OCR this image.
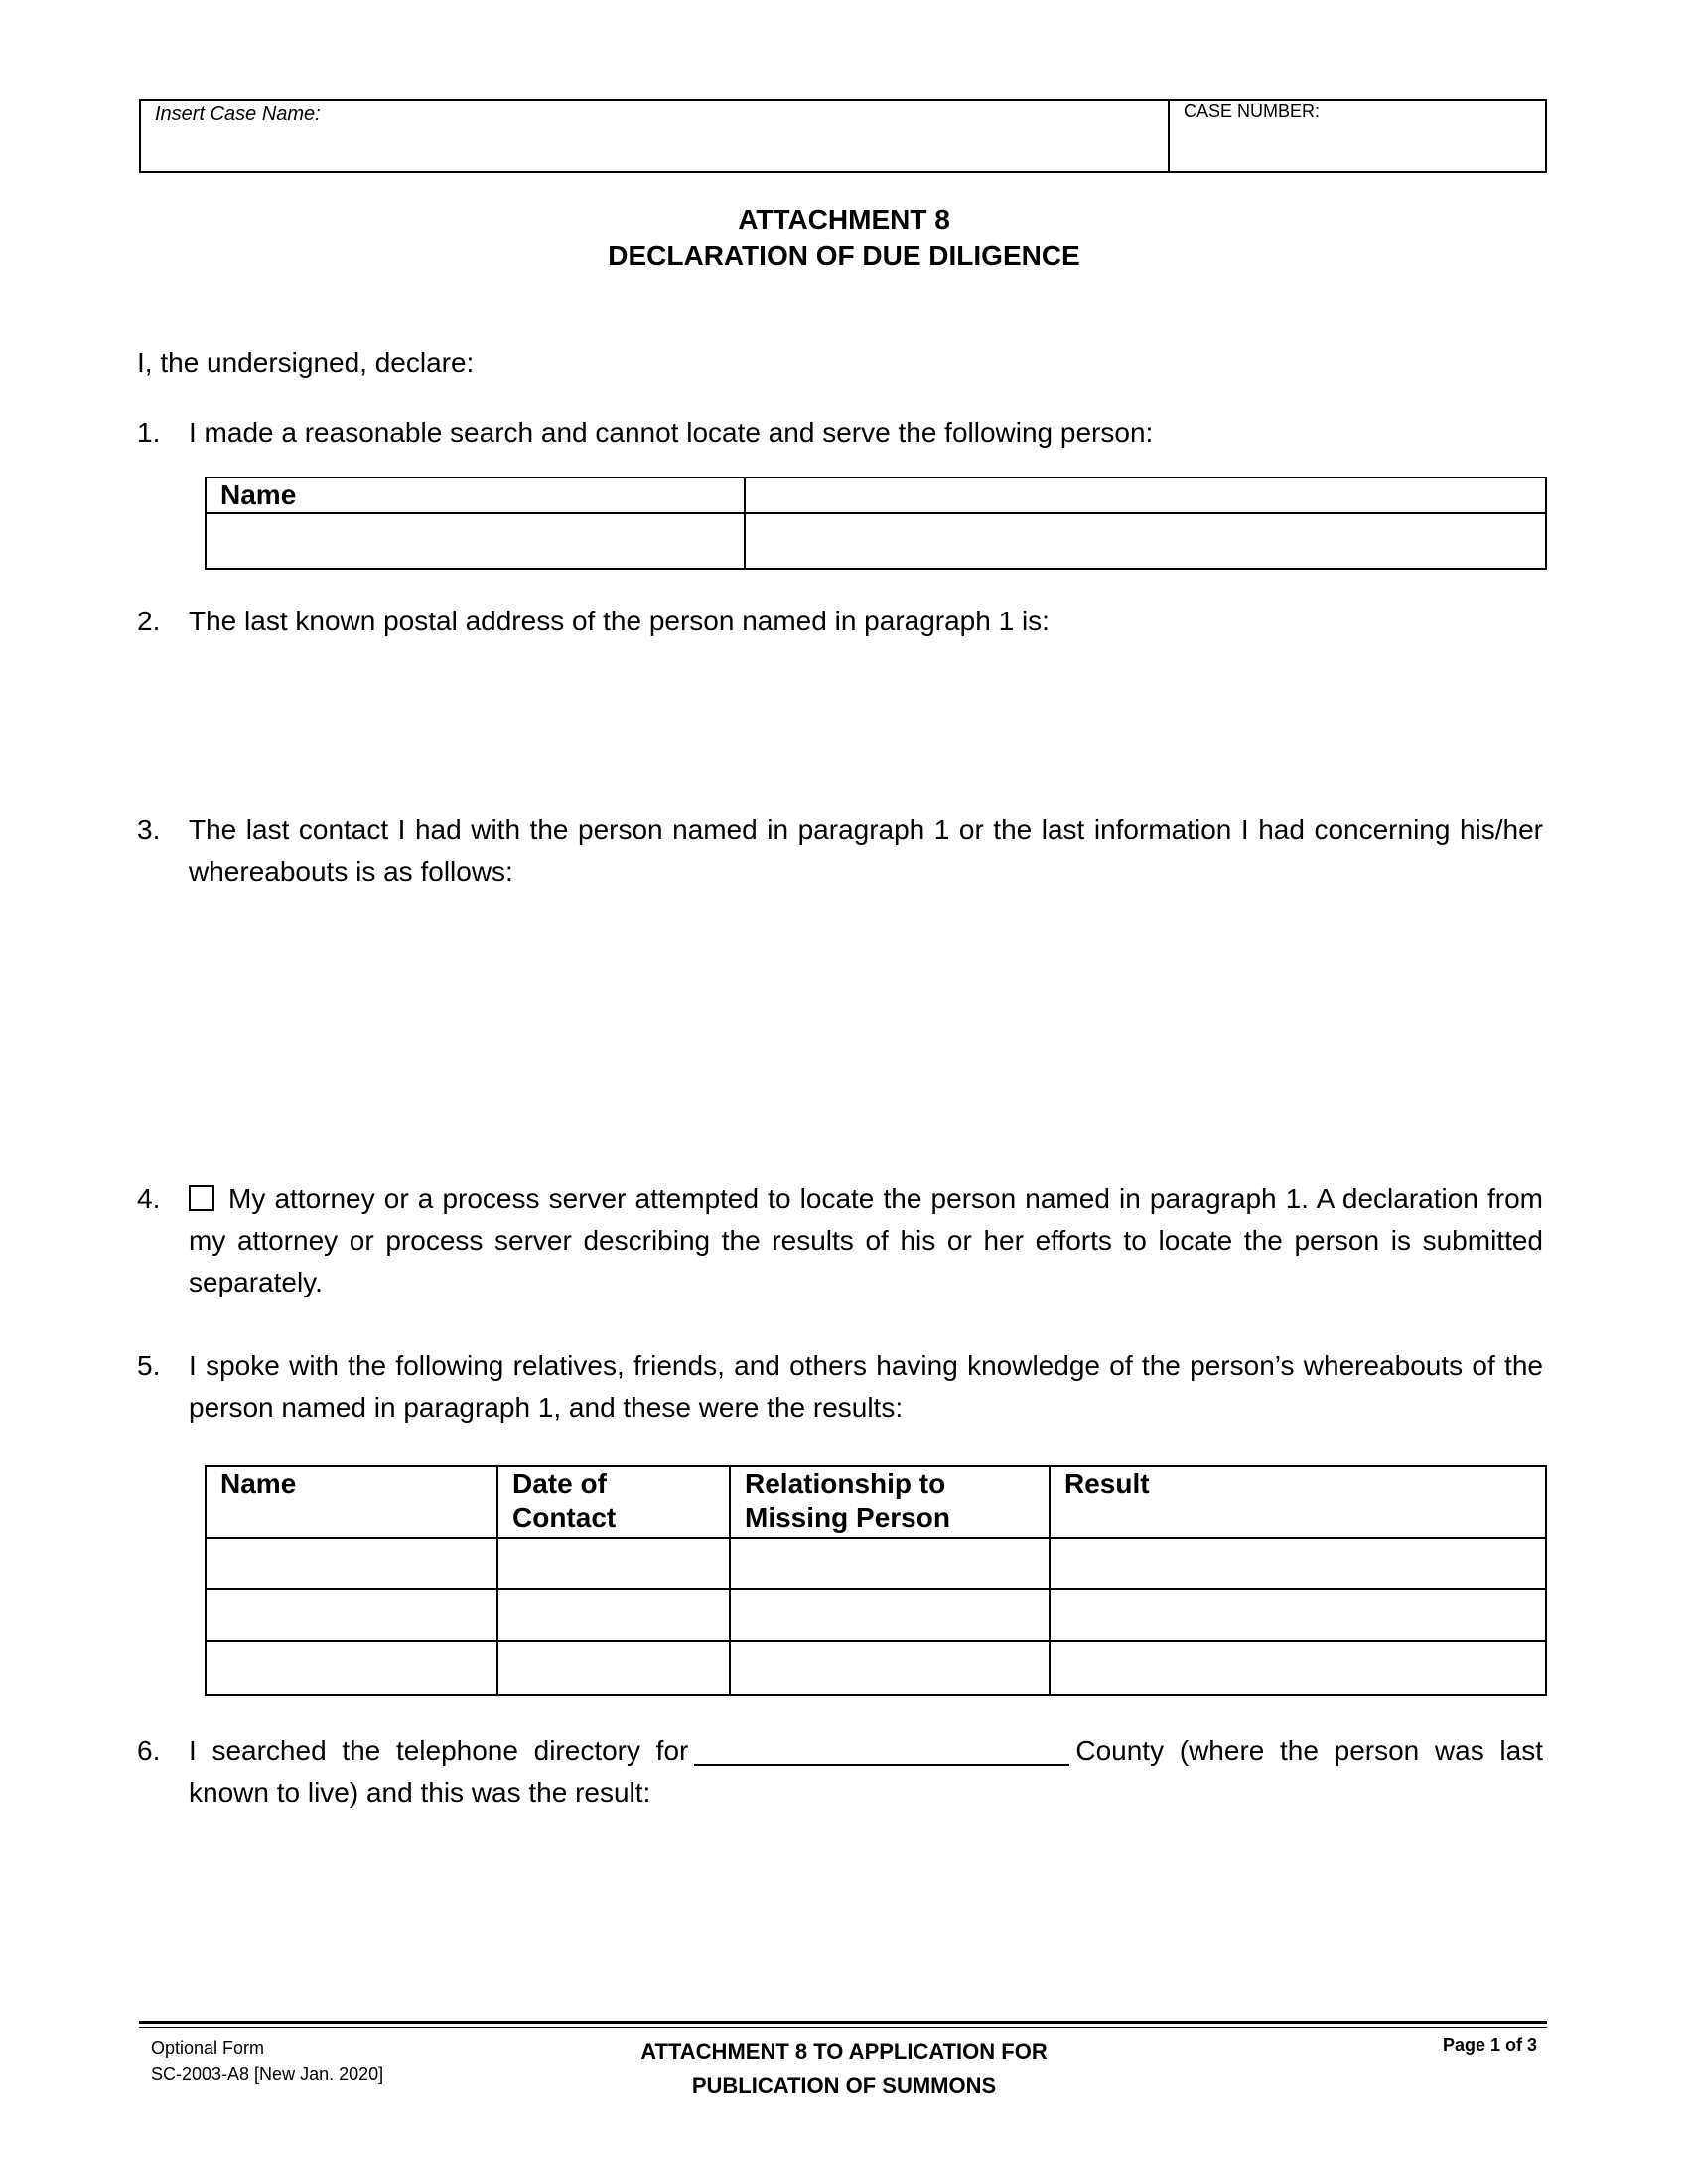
Insert Case Name:	CASE NUMBER:
ATTACHMENT 8
DECLARATION OF DUE DILIGENCE
I, the undersigned, declare:
1.	I made a reasonable search and cannot locate and serve the following person:
Name	

2.	The last known postal address of the person named in paragraph 1 is:
3.	The last contact I had with the person named in paragraph 1 or the last information I had concerning his/her whereabouts is as follows:
4.	My attorney or a process server attempted to locate the person named in paragraph 1. A declaration from my attorney or process server describing the results of his or her efforts to locate the person is submitted separately.
5.	I spoke with the following relatives, friends, and others having knowledge of the person’s whereabouts of the person named in paragraph 1, and these were the results:
Name	Date of Contact	Relationship to Missing Person	Result

6.	I searched the telephone directory for	County (where the person was last known to live) and this was the result:
Optional Form
SC-2003-A8 [New Jan. 2020]
ATTACHMENT 8 TO APPLICATION FOR
PUBLICATION OF SUMMONS
Page 1 of 3
